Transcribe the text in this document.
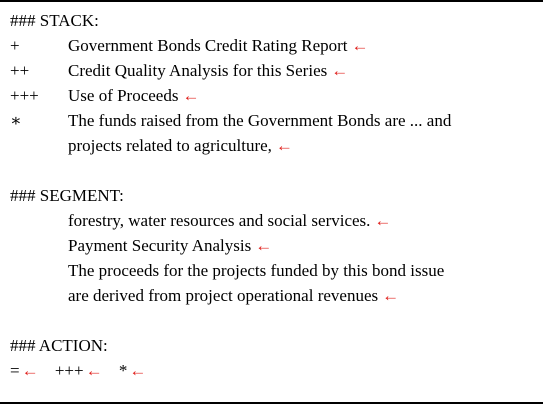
### STACK:
+	Government Bonds Credit Rating Report ←
++	Credit Quality Analysis for this Series ←
+++	Use of Proceeds ←
∗	The funds raised from the Government Bonds are ... and
projects related to agriculture, ←
### SEGMENT:
forestry, water resources and social services. ←
Payment Security Analysis ←
The proceeds for the projects funded by this bond issue
are derived from project operational revenues ←
### ACTION:
= ← +++ ← * ←
